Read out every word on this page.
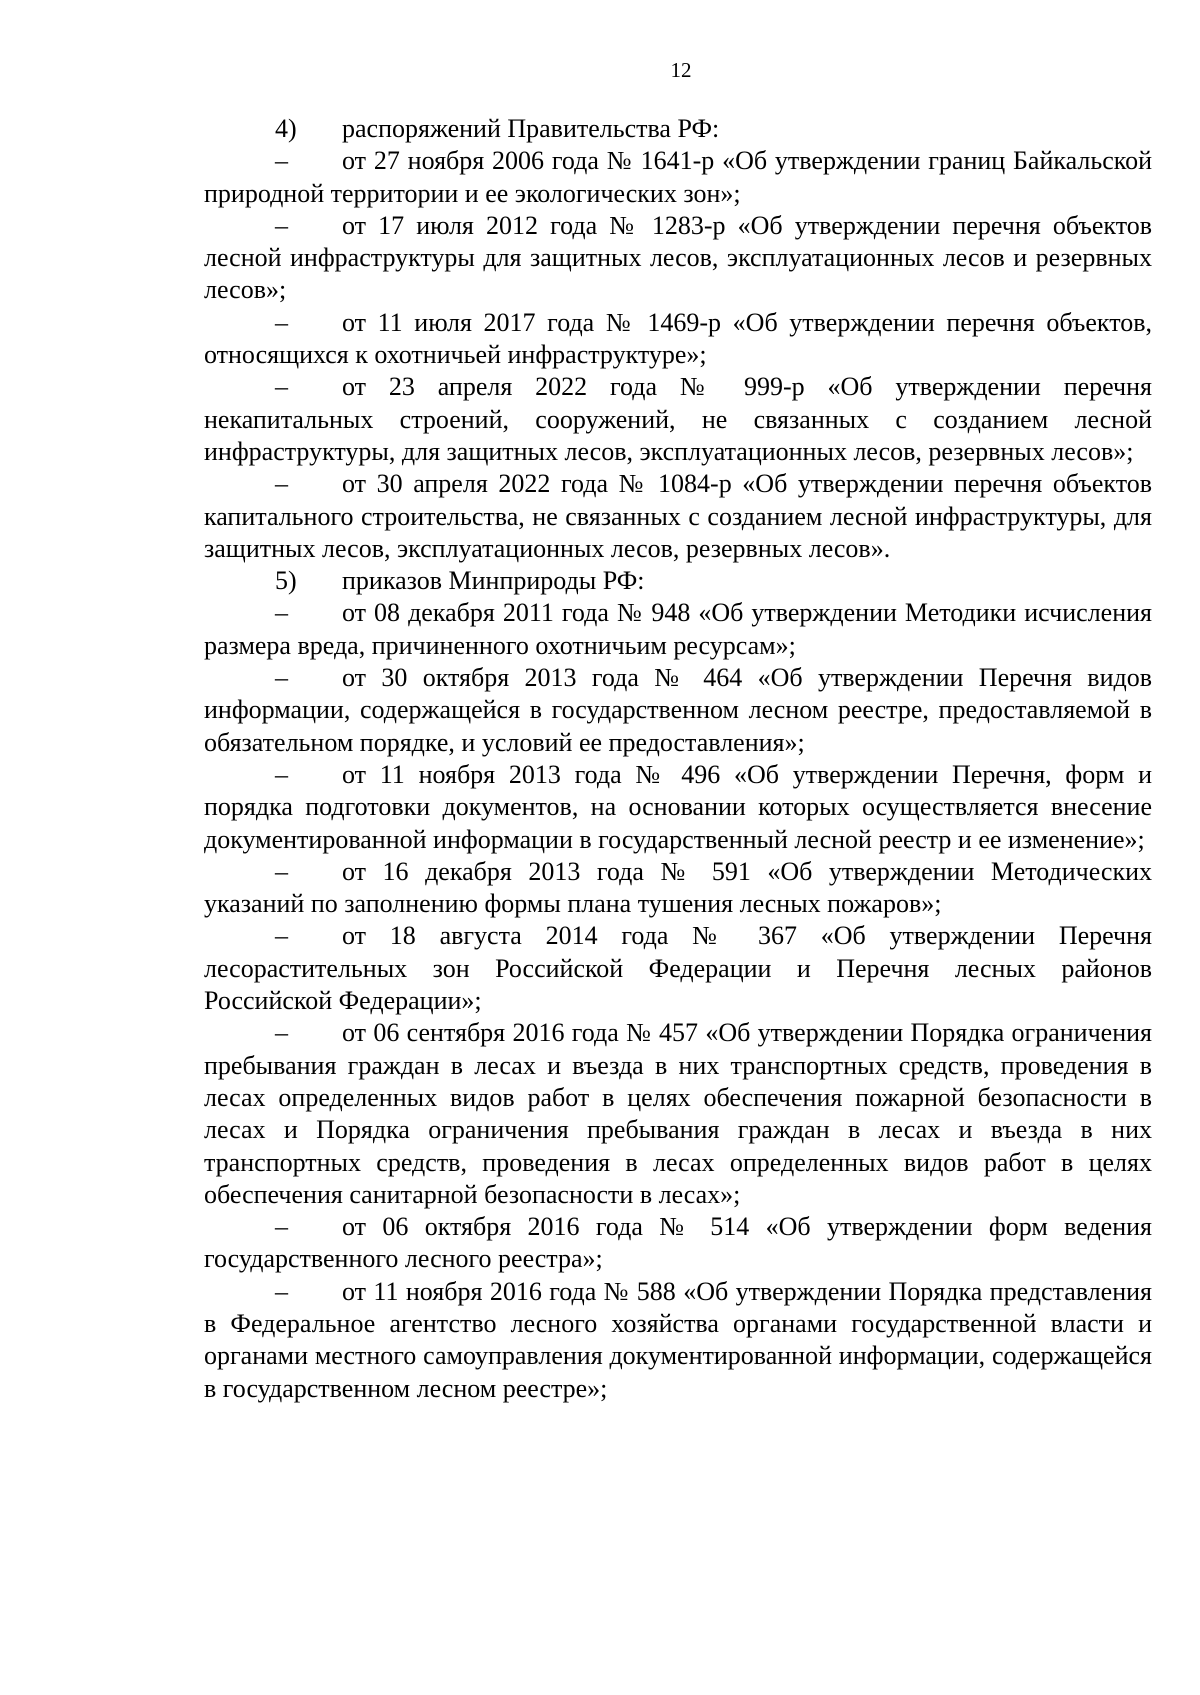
12

4)	распоряжений Правительства РФ:

–	от 27 ноября 2006 года № 1641-р «Об утверждении границ Байкальской природной территории и ее экологических зон»;

–	от 17 июля 2012 года № 1283-р «Об утверждении перечня объектов лесной инфраструктуры для защитных лесов, эксплуатационных лесов и резервных лесов»;

–	от 11 июля 2017 года № 1469-р «Об утверждении перечня объектов, относящихся к охотничьей инфраструктуре»;

–	от 23 апреля 2022 года № 999-р «Об утверждении перечня некапитальных строений, сооружений, не связанных с созданием лесной инфраструктуры, для защитных лесов, эксплуатационных лесов, резервных лесов»;

–	от 30 апреля 2022 года № 1084-р «Об утверждении перечня объектов капитального строительства, не связанных с созданием лесной инфраструктуры, для защитных лесов, эксплуатационных лесов, резервных лесов».

5)	приказов Минприроды РФ:

–	от 08 декабря 2011 года № 948 «Об утверждении Методики исчисления размера вреда, причиненного охотничьим ресурсам»;

–	от 30 октября 2013 года № 464 «Об утверждении Перечня видов информации, содержащейся в государственном лесном реестре, предоставляемой в обязательном порядке, и условий ее предоставления»;

–	от 11 ноября 2013 года № 496 «Об утверждении Перечня, форм и порядка подготовки документов, на основании которых осуществляется внесение документированной информации в государственный лесной реестр и ее изменение»;

–	от 16 декабря 2013 года № 591 «Об утверждении Методических указаний по заполнению формы плана тушения лесных пожаров»;

–	от 18 августа 2014 года № 367 «Об утверждении Перечня лесорастительных зон Российской Федерации и Перечня лесных районов Российской Федерации»;

–	от 06 сентября 2016 года № 457 «Об утверждении Порядка ограничения пребывания граждан в лесах и въезда в них транспортных средств, проведения в лесах определенных видов работ в целях обеспечения пожарной безопасности в лесах и Порядка ограничения пребывания граждан в лесах и въезда в них транспортных средств, проведения в лесах определенных видов работ в целях обеспечения санитарной безопасности в лесах»;

–	от 06 октября 2016 года № 514 «Об утверждении форм ведения государственного лесного реестра»;

–	от 11 ноября 2016 года № 588 «Об утверждении Порядка представления в Федеральное агентство лесного хозяйства органами государственной власти и органами местного самоуправления документированной информации, содержащейся в государственном лесном реестре»;
